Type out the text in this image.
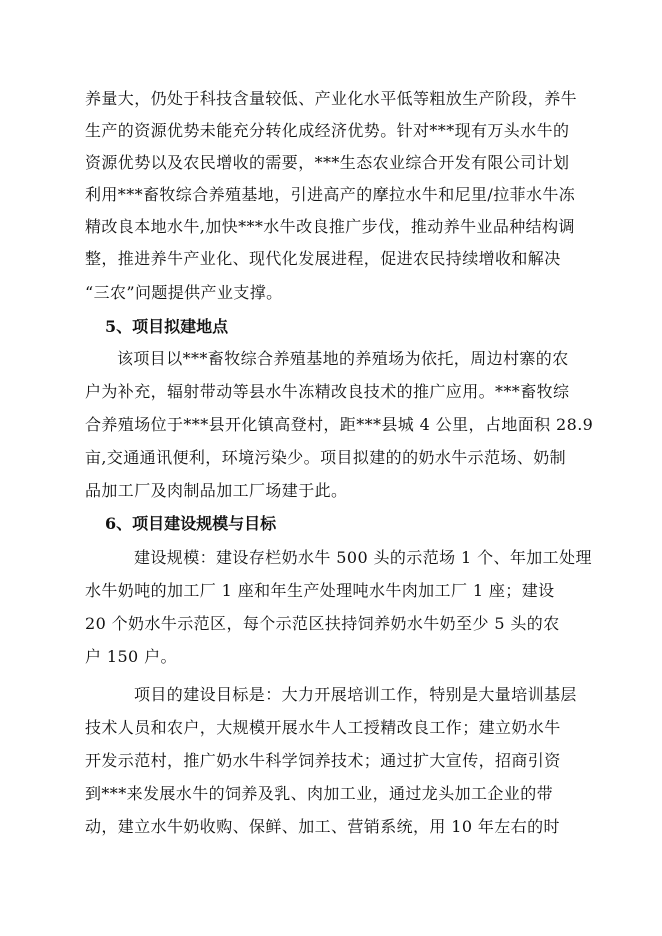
养量大，仍处于科技含量较低、产业化水平低等粗放生产阶段，养牛
生产的资源优势未能充分转化成经济优势。针对***现有万头水牛的
资源优势以及农民增收的需要，***生态农业综合开发有限公司计划
利用***畜牧综合养殖基地，引进高产的摩拉水牛和尼里/拉菲水牛冻
精改良本地水牛,加快***水牛改良推广步伐，推动养牛业品种结构调
整，推进养牛产业化、现代化发展进程，促进农民持续增收和解决
“三农”问题提供产业支撑。
5、项目拟建地点
该项目以***畜牧综合养殖基地的养殖场为依托，周边村寨的农
户为补充，辐射带动等县水牛冻精改良技术的推广应用。***畜牧综
合养殖场位于***县开化镇高登村，距***县城 4 公里，占地面积 28.9
亩,交通通讯便利，环境污染少。项目拟建的的奶水牛示范场、奶制
品加工厂及肉制品加工厂场建于此。
6、项目建设规模与目标
建设规模：建设存栏奶水牛 500 头的示范场 1 个、年加工处理
水牛奶吨的加工厂 1 座和年生产处理吨水牛肉加工厂 1 座；建设
20 个奶水牛示范区，每个示范区扶持饲养奶水牛奶至少 5 头的农
户 150 户。
项目的建设目标是：大力开展培训工作，特别是大量培训基层
技术人员和农户，大规模开展水牛人工授精改良工作；建立奶水牛
开发示范村，推广奶水牛科学饲养技术；通过扩大宣传，招商引资
到***来发展水牛的饲养及乳、肉加工业，通过龙头加工企业的带
动，建立水牛奶收购、保鲜、加工、营销系统，用 10 年左右的时
